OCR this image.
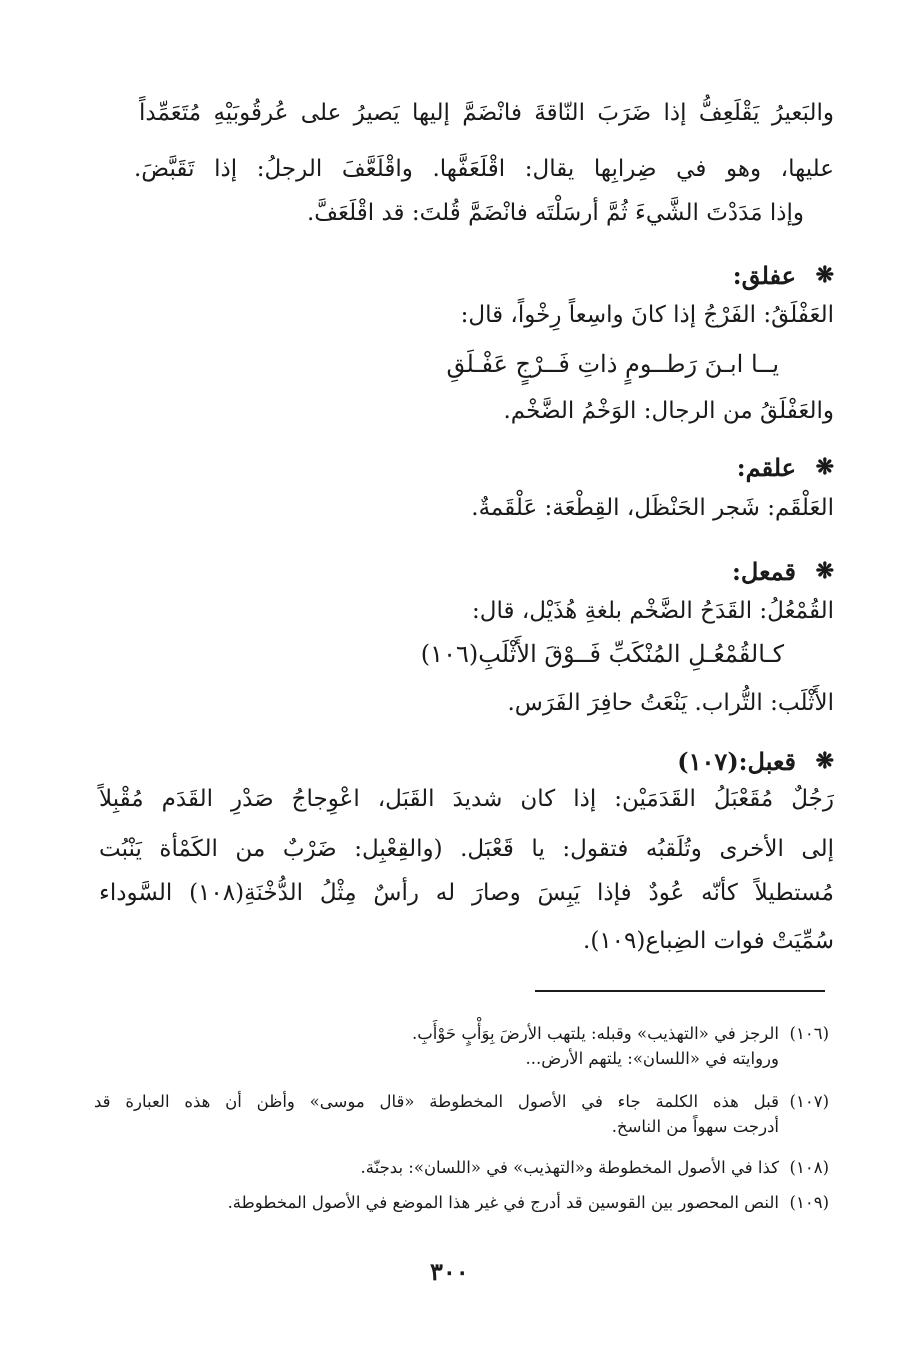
والبَعيرُ يَقْلَعِفُّ إذا ضَرَبَ النّاقةَ فانْضَمَّ إليها يَصيرُ على عُرقُوبَيْهِ مُتَعَمِّداً
عليها، وهو في ضِرابِها يقال: اقْلَعَفَّها. واقْلَعَّفَ الرجلُ: إذا تَقَبَّضَ.
وإذا مَدَدْتَ الشَّيءَ ثُمَّ أرسَلْتَه فانْضَمَّ قُلتَ: قد اقْلَعَفَّ.
❋
عفلق:
العَفْلَقُ: الفَرْجُ إذا كانَ واسِعاً رِخْواً، قال:
يــا ابـنَ رَطــومٍ ذاتِ فَــرْجٍ عَفْـلَقِ
والعَفْلَقُ من الرجال: الوَخْمُ الضَّخْم.
❋
علقم:
العَلْقَم: شَجر الحَنْظَل، القِطْعَة: عَلْقَمةٌ.
❋
قمعل:
القُمْعُلُ: القَدَحُ الضَّخْم بلغةِ هُذَيْل، قال:
كـالقُمْعُـلِ المُنْكَبِّ فَــوْقَ الأَثْلَبِ(١٠٦)
الأَثْلَب: التُّراب. يَنْعَتُ حافِرَ الفَرَس.
❋
قعبل:(١٠٧)
رَجُلٌ مُقَعْبَلُ القَدَمَيْن: إذا كان شديدَ القَبَل، اعْوِجاجُ صَدْرِ القَدَم مُقْبِلاً
إلى الأخرى وتُلَقبُه فتقول: يا قَعْبَل. (والقِعْبِل: ضَرْبٌ من الكَمْأة يَنْبُت
مُستطيلاً كأنّه عُودٌ فإذا يَبِسَ وصارَ له رأسٌ مِثْلُ الدُّخْنَةِ(١٠٨) السَّوداء
سُمِّيَتْ فوات الضِباع(١٠٩).
(١٠٦)
الرجز في «التهذيب» وقبله: يلتهب الأرضَ بِوَأْبٍ حَوْأَبِ.
وروايته في «اللسان»: يلتهم الأرض...
(١٠٧)
قبل هذه الكلمة جاء في الأصول المخطوطة «قال موسى» وأظن أن هذه العبارة قد
أدرجت سهواً من الناسخ.
(١٠٨)
كذا في الأصول المخطوطة و«التهذيب» في «اللسان»: بدجنّة.
(١٠٩)
النص المحصور بين القوسين قد أدرج في غير هذا الموضع في الأصول المخطوطة.
٣٠٠
